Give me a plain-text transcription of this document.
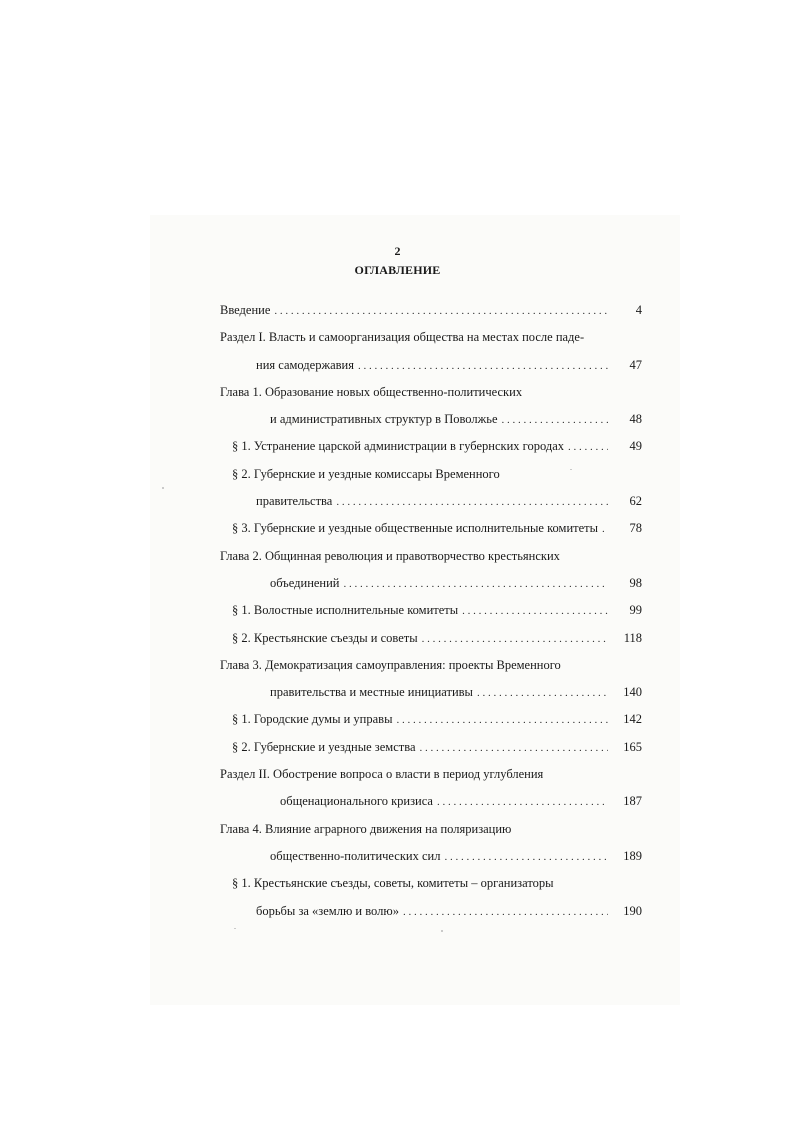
2
ОГЛАВЛЕНИЕ
Введение . . .	4
Раздел I. Власть и самоорганизация общества на местах после паде-
ния самодержавия . . .	47
Глава 1. Образование новых общественно-политических
и административных структур в Поволжье . . .	48
§ 1. Устранение царской администрации в губернских городах . . .	49
§ 2. Губернские и уездные комиссары Временного
правительства . . .	62
§ 3. Губернские и уездные общественные исполнительные комитеты . . .	78
Глава 2. Общинная революция и правотворчество крестьянских
объединений . . .	98
§ 1. Волостные исполнительные комитеты . . .	99
§ 2. Крестьянские съезды и советы . . .	118
Глава 3. Демократизация самоуправления: проекты Временного
правительства и местные инициативы . . .	140
§ 1. Городские думы и управы . . .	142
§ 2. Губернские и уездные земства . . .	165
Раздел II. Обострение вопроса о власти в период углубления
общенационального кризиса . . .	187
Глава 4. Влияние аграрного движения на поляризацию
общественно-политических сил . . .	189
§ 1. Крестьянские съезды, советы, комитеты – организаторы
борьбы за «землю и волю» . . .	190
